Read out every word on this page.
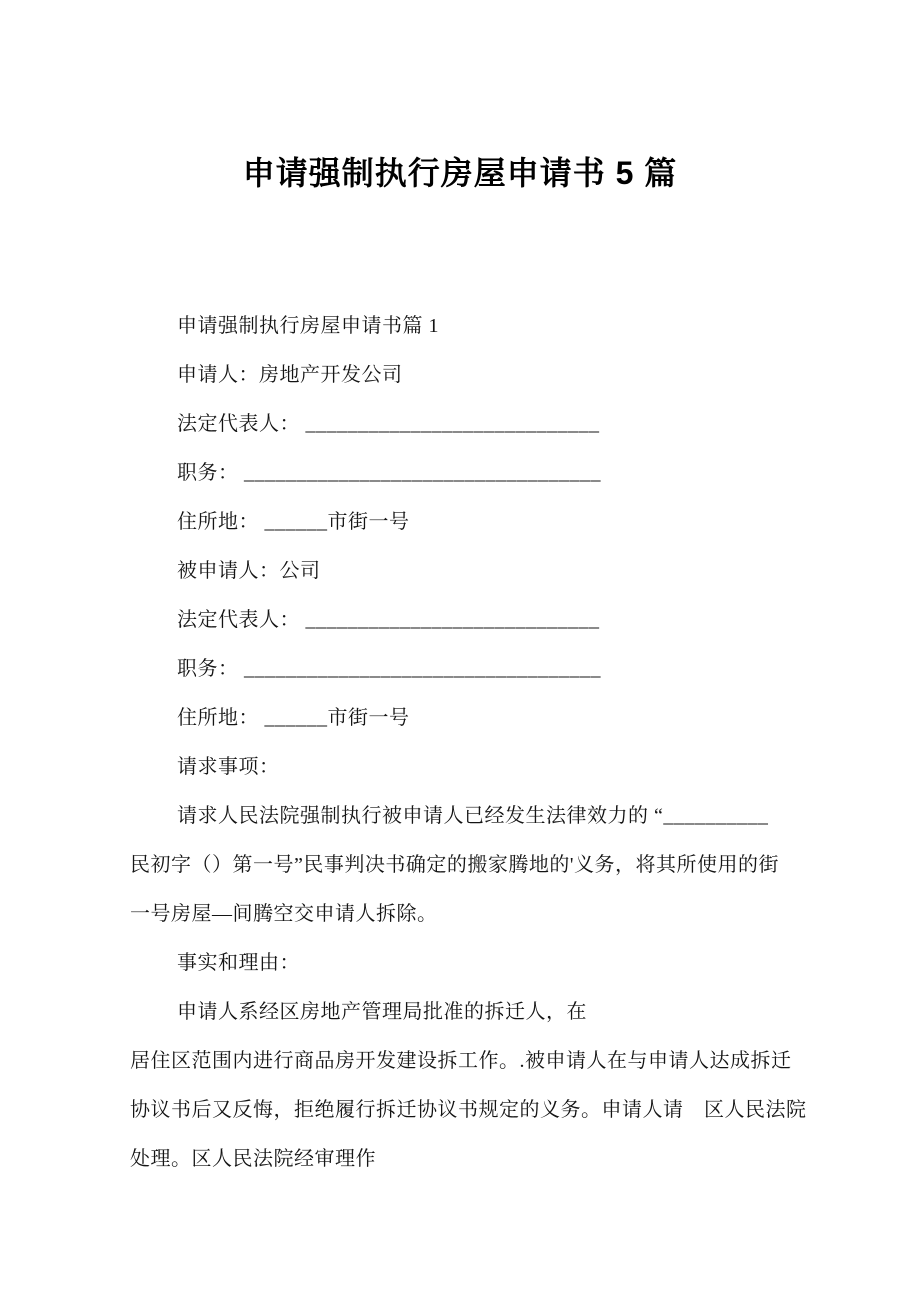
申请强制执行房屋申请书 5 篇

申请强制执行房屋申请书篇 1

申请人：房地产开发公司

法定代表人： ____________________________

职务： __________________________________

住所地： ______市街一号

被申请人：公司

法定代表人： ____________________________

职务： __________________________________

住所地： ______市街一号

请求事项：

请求人民法院强制执行被申请人已经发生法律效力的 “__________

民初字（）第一号”民事判决书确定的搬家腾地的'义务，将其所使用的街

一号房屋—间腾空交申请人拆除。

事实和理由：

申请人系经区房地产管理局批准的拆迁人，在

居住区范围内进行商品房开发建设拆工作。.被申请人在与申请人达成拆迁

协议书后又反悔，拒绝履行拆迁协议书规定的义务。申请人请　区人民法院

处理。区人民法院经审理作
